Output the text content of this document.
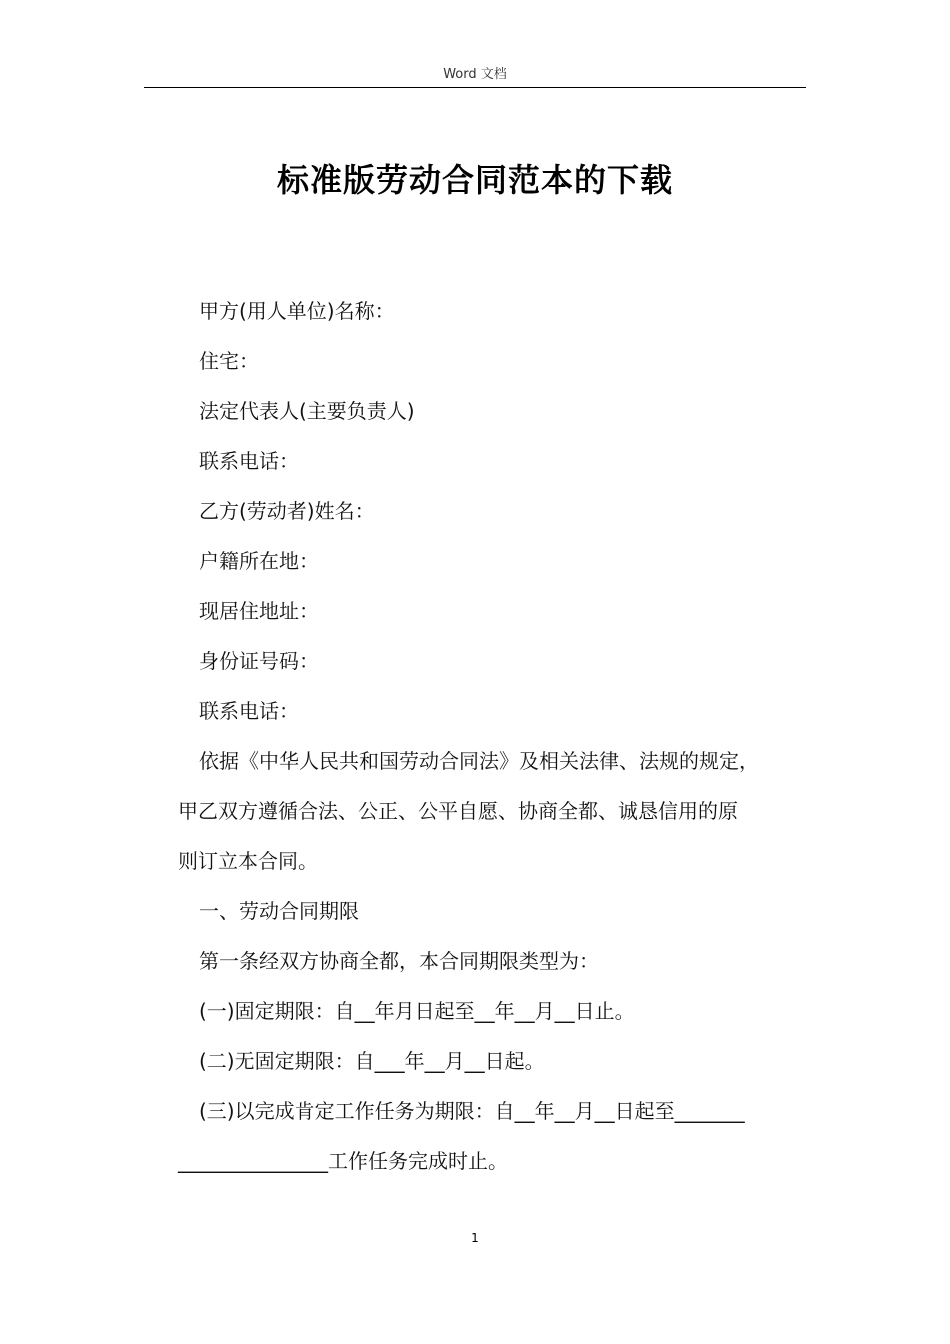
Word 文档
标准版劳动合同范本的下载

甲方(用人单位)名称：

住宅：

法定代表人(主要负责人)

联系电话：

乙方(劳动者)姓名：

户籍所在地：

现居住地址：

身份证号码：

联系电话：

依据《中华人民共和国劳动合同法》及相关法律、法规的规定，

甲乙双方遵循合法、公正、公平自愿、协商全都、诚恳信用的原

则订立本合同。

一、劳动合同期限

第一条经双方协商全都，本合同期限类型为：

(一)固定期限：自__年月日起至__年__月__日止。

(二)无固定期限：自___年__月__日起。

(三)以完成肯定工作任务为期限：自__年__月__日起至_______

_______________工作任务完成时止。

1
